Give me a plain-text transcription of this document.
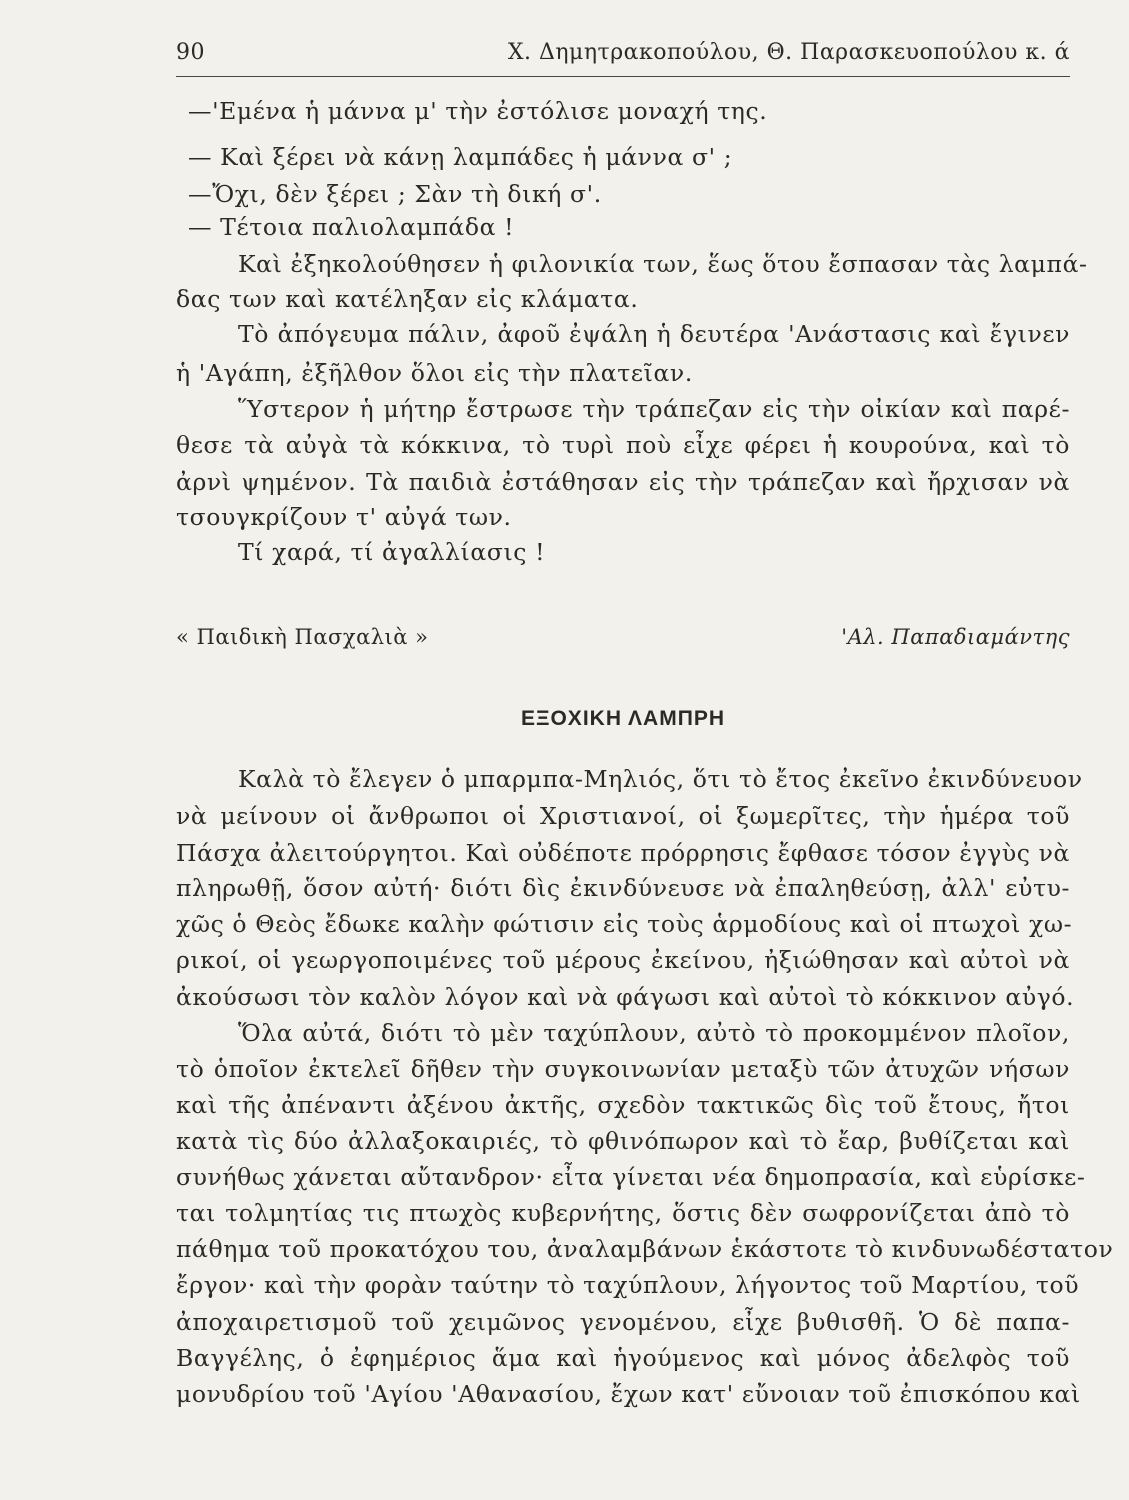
90	Χ. Δημητρακοπούλου, Θ. Παρασκευοπούλου κ. ά
—'Εμένα ἡ μάννα μ' τὴν ἐστόλισε μοναχή της.
— Καὶ ξέρει νὰ κάνῃ λαμπάδες ἡ μάννα σ' ;
—Ὄχι, δὲν ξέρει ; Σὰν τὴ δική σ'.
— Τέτοια παλιολαμπάδα !
Καὶ ἐξηκολούθησεν ἡ φιλονικία των, ἕως ὅτου ἔσπασαν τὰς λαμπά-
δας των καὶ κατέληξαν εἰς κλάματα.
Τὸ ἀπόγευμα πάλιν, ἀφοῦ ἐψάλη ἡ δευτέρα 'Ανάστασις καὶ ἔγινεν
ἡ 'Αγάπη, ἐξῆλθον ὅλοι εἰς τὴν πλατεῖαν.
Ὕστερον ἡ μήτηρ ἔστρωσε τὴν τράπεζαν εἰς τὴν οἰκίαν καὶ παρέ-
θεσε τὰ αὐγὰ τὰ κόκκινα, τὸ τυρὶ ποὺ εἶχε φέρει ἡ κουρούνα, καὶ τὸ
ἀρνὶ ψημένον. Τὰ παιδιὰ ἐστάθησαν εἰς τὴν τράπεζαν καὶ ἤρχισαν νὰ
τσουγκρίζουν τ' αὐγά των.
Τί χαρά, τί ἀγαλλίασις !
« Παιδικὴ Πασχαλιὰ »	'Αλ. Παπαδιαμάντης
ΕΞΟΧΙΚΗ ΛΑΜΠΡΗ
Καλὰ τὸ ἔλεγεν ὁ μπαρμπα-Μηλιός, ὅτι τὸ ἔτος ἐκεῖνο ἐκινδύνευον
νὰ μείνουν οἱ ἄνθρωποι οἱ Χριστιανοί, οἱ ξωμερῖτες, τὴν ἡμέρα τοῦ
Πάσχα ἀλειτούργητοι. Καὶ οὐδέποτε πρόρρησις ἔφθασε τόσον ἐγγὺς νὰ
πληρωθῇ, ὅσον αὐτή· διότι δὶς ἐκινδύνευσε νὰ ἐπαληθεύσῃ, ἀλλ' εὐτυ-
χῶς ὁ Θεὸς ἔδωκε καλὴν φώτισιν εἰς τοὺς ἁρμοδίους καὶ οἱ πτωχοὶ χω-
ρικοί, οἱ γεωργοποιμένες τοῦ μέρους ἐκείνου, ἠξιώθησαν καὶ αὐτοὶ νὰ
ἀκούσωσι τὸν καλὸν λόγον καὶ νὰ φάγωσι καὶ αὐτοὶ τὸ κόκκινον αὐγό.
Ὅλα αὐτά, διότι τὸ μὲν ταχύπλουν, αὐτὸ τὸ προκομμένον πλοῖον,
τὸ ὁποῖον ἐκτελεῖ δῆθεν τὴν συγκοινωνίαν μεταξὺ τῶν ἀτυχῶν νήσων
καὶ τῆς ἀπέναντι ἀξένου ἀκτῆς, σχεδὸν τακτικῶς δὶς τοῦ ἔτους, ἤτοι
κατὰ τὶς δύο ἀλλαξοκαιριές, τὸ φθινόπωρον καὶ τὸ ἔαρ, βυθίζεται καὶ
συνήθως χάνεται αὔτανδρον· εἶτα γίνεται νέα δημοπρασία, καὶ εὑρίσκε-
ται τολμητίας τις πτωχὸς κυβερνήτης, ὅστις δὲν σωφρονίζεται ἀπὸ τὸ
πάθημα τοῦ προκατόχου του, ἀναλαμβάνων ἑκάστοτε τὸ κινδυνωδέστατον
ἔργον· καὶ τὴν φορὰν ταύτην τὸ ταχύπλουν, λήγοντος τοῦ Μαρτίου, τοῦ
ἀποχαιρετισμοῦ τοῦ χειμῶνος γενομένου, εἶχε βυθισθῆ. Ὁ δὲ παπα-
Βαγγέλης, ὁ ἐφημέριος ἅμα καὶ ἡγούμενος καὶ μόνος ἀδελφὸς τοῦ
μονυδρίου τοῦ 'Αγίου 'Αθανασίου, ἔχων κατ' εὔνοιαν τοῦ ἐπισκόπου καὶ
